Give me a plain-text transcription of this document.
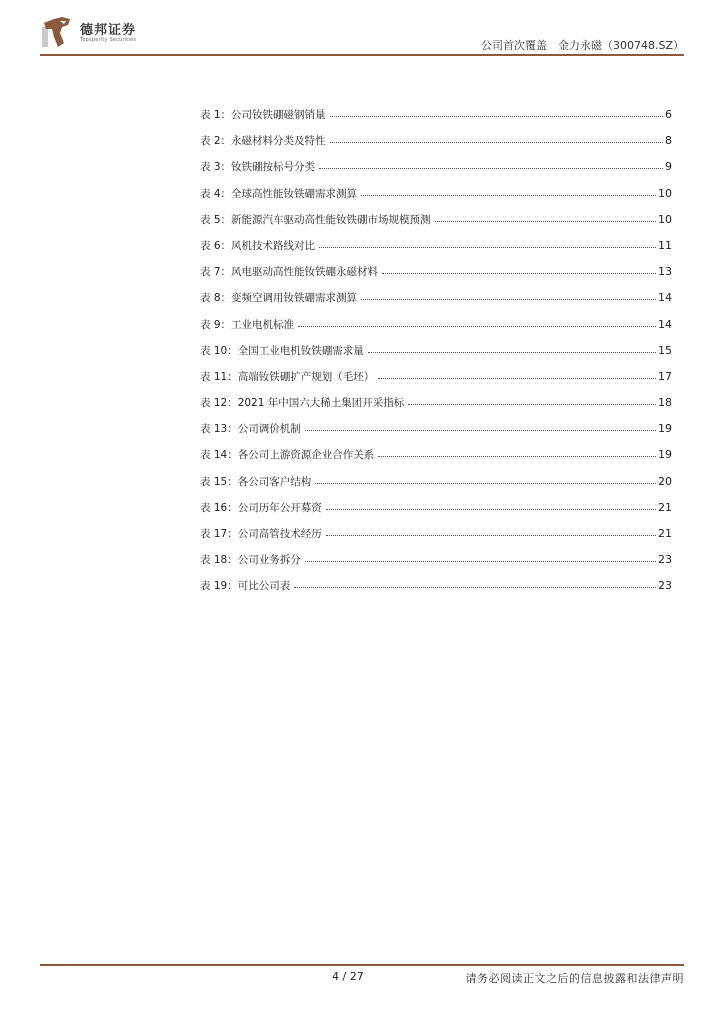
德邦证券
Topsperity Securities	公司首次覆盖　金力永磁（300748.SZ）
表 1：公司钕铁硼磁钢销量	6
表 2：永磁材料分类及特性	8
表 3：钕铁硼按标号分类	9
表 4：全球高性能钕铁硼需求测算	10
表 5：新能源汽车驱动高性能钕铁硼市场规模预测	10
表 6：风机技术路线对比	11
表 7：风电驱动高性能钕铁硼永磁材料	13
表 8：变频空调用钕铁硼需求测算	14
表 9：工业电机标准	14
表 10：全国工业电机钕铁硼需求量	15
表 11：高端钕铁硼扩产规划（毛坯）	17
表 12：2021 年中国六大稀土集团开采指标	18
表 13：公司调价机制	19
表 14：各公司上游资源企业合作关系	19
表 15：各公司客户结构	20
表 16：公司历年公开募资	21
表 17：公司高管技术经历	21
表 18：公司业务拆分	23
表 19：可比公司表	23
4 / 27	请务必阅读正文之后的信息披露和法律声明
